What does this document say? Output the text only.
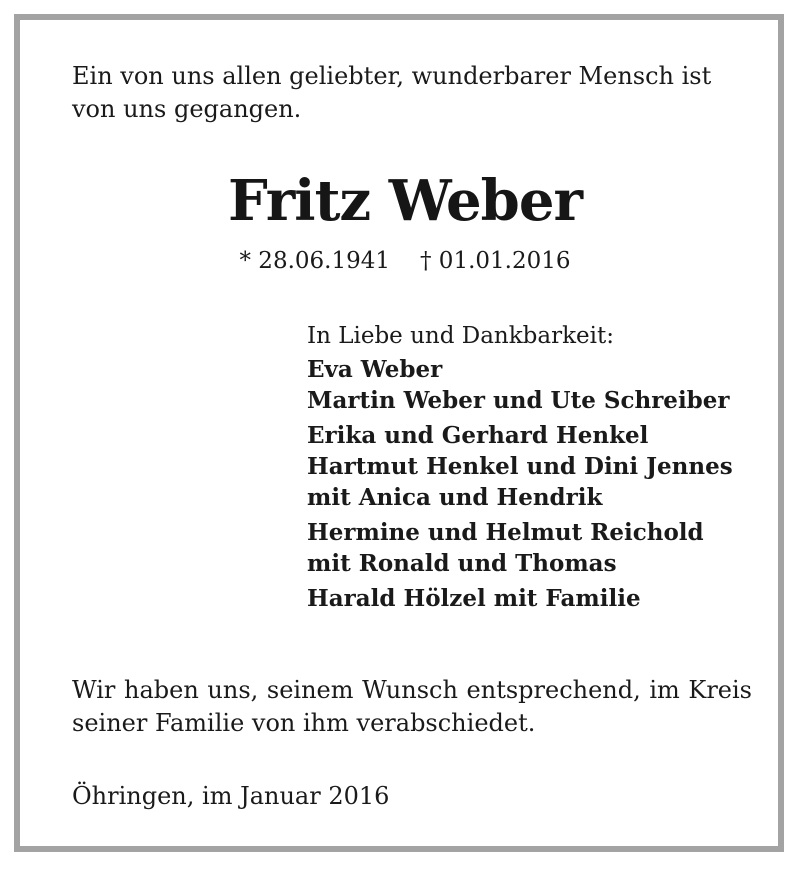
Ein von uns allen geliebter, wunderbarer Mensch ist von uns gegangen.

Fritz Weber

* 28.06.1941 † 01.01.2016

In Liebe und Dankbarkeit:

Eva Weber
Martin Weber und Ute Schreiber
Erika und Gerhard Henkel
Hartmut Henkel und Dini Jennes
mit Anica und Hendrik
Hermine und Helmut Reichold
mit Ronald und Thomas
Harald Hölzel mit Familie

Wir haben uns, seinem Wunsch entsprechend, im Kreis seiner Familie von ihm verabschiedet.

Öhringen, im Januar 2016
